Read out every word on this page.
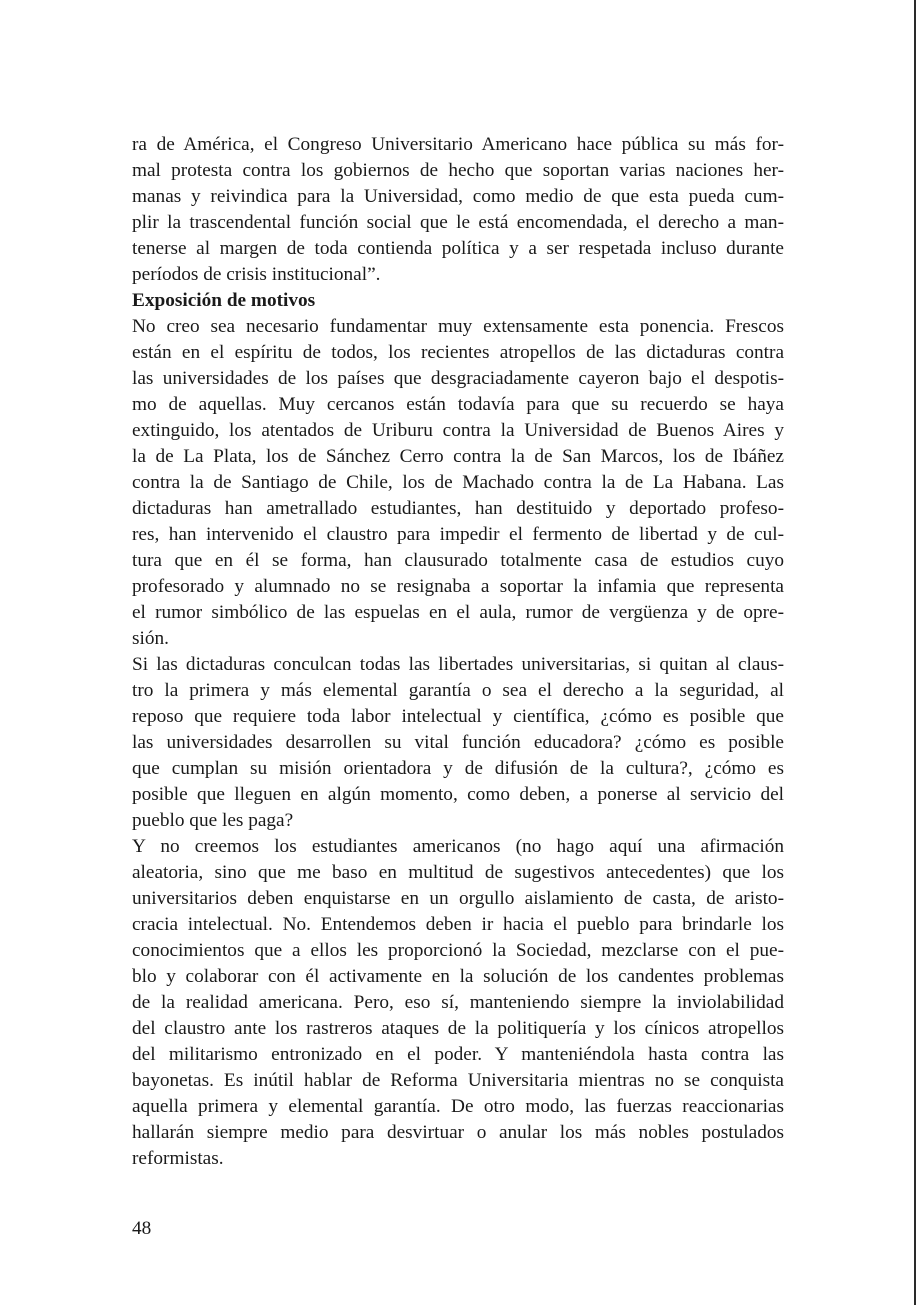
ra de América, el Congreso Universitario Americano hace pública su más for-
mal protesta contra los gobiernos de hecho que soportan varias naciones her-
manas y reivindica para la Universidad, como medio de que esta pueda cum-
plir la trascendental función social que le está encomendada, el derecho a man-
tenerse al margen de toda contienda política y a ser respetada incluso durante
períodos de crisis institucional”.
Exposición de motivos
No creo sea necesario fundamentar muy extensamente esta ponencia. Frescos
están en el espíritu de todos, los recientes atropellos de las dictaduras contra
las universidades de los países que desgraciadamente cayeron bajo el despotis-
mo de aquellas. Muy cercanos están todavía para que su recuerdo se haya
extinguido, los atentados de Uriburu contra la Universidad de Buenos Aires y
la de La Plata, los de Sánchez Cerro contra la de San Marcos, los de Ibáñez
contra la de Santiago de Chile, los de Machado contra la de La Habana. Las
dictaduras han ametrallado estudiantes, han destituido y deportado profeso-
res, han intervenido el claustro para impedir el fermento de libertad y de cul-
tura que en él se forma, han clausurado totalmente casa de estudios cuyo
profesorado y alumnado no se resignaba a soportar la infamia que representa
el rumor simbólico de las espuelas en el aula, rumor de vergüenza y de opre-
sión.
Si las dictaduras conculcan todas las libertades universitarias, si quitan al claus-
tro la primera y más elemental garantía o sea el derecho a la seguridad, al
reposo que requiere toda labor intelectual y científica, ¿cómo es posible que
las universidades desarrollen su vital función educadora? ¿cómo es posible
que cumplan su misión orientadora y de difusión de la cultura?, ¿cómo es
posible que lleguen en algún momento, como deben, a ponerse al servicio del
pueblo que les paga?
Y no creemos los estudiantes americanos (no hago aquí una afirmación
aleatoria, sino que me baso en multitud de sugestivos antecedentes) que los
universitarios deben enquistarse en un orgullo aislamiento de casta, de aristo-
cracia intelectual. No. Entendemos deben ir hacia el pueblo para brindarle los
conocimientos que a ellos les proporcionó la Sociedad, mezclarse con el pue-
blo y colaborar con él activamente en la solución de los candentes problemas
de la realidad americana. Pero, eso sí, manteniendo siempre la inviolabilidad
del claustro ante los rastreros ataques de la politiquería y los cínicos atropellos
del militarismo entronizado en el poder. Y manteniéndola hasta contra las
bayonetas. Es inútil hablar de Reforma Universitaria mientras no se conquista
aquella primera y elemental garantía. De otro modo, las fuerzas reaccionarias
hallarán siempre medio para desvirtuar o anular los más nobles postulados
reformistas.
48
